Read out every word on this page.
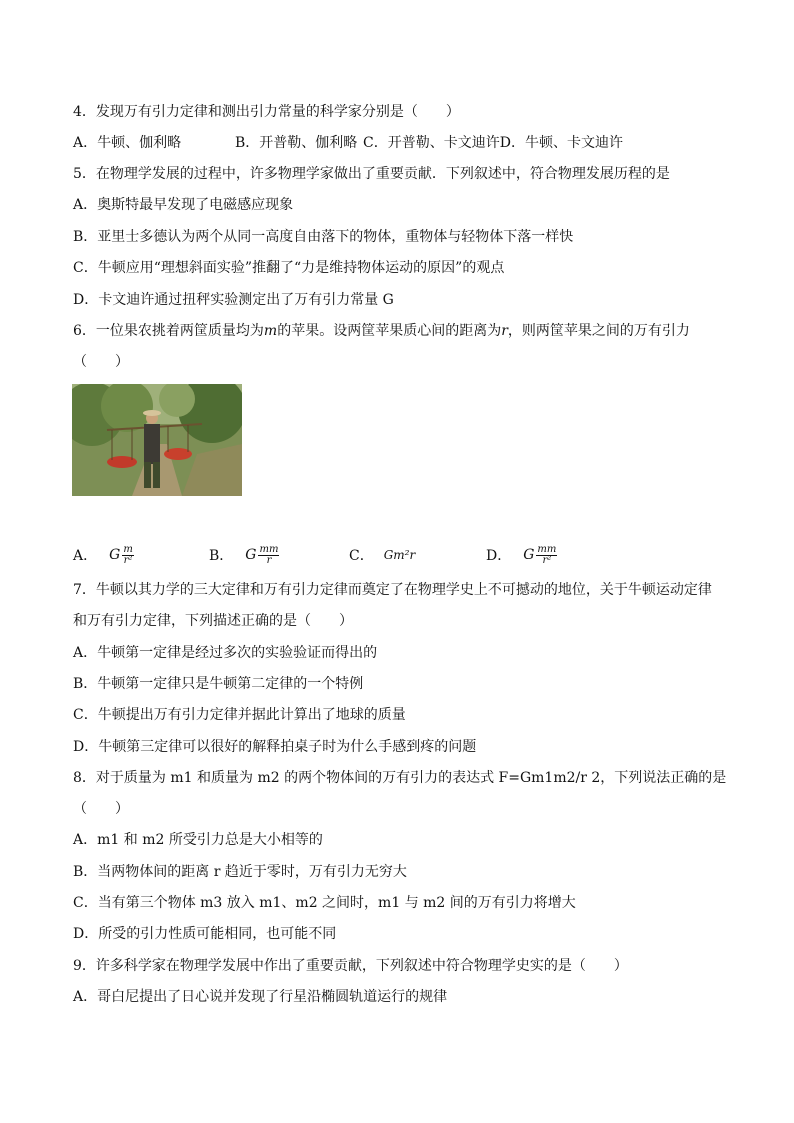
4．发现万有引力定律和测出引力常量的科学家分别是（　　）
A．牛顿、伽利略	B．开普勒、伽利略 C．开普勒、卡文迪许D．牛顿、卡文迪许
5．在物理学发展的过程中，许多物理学家做出了重要贡献．下列叙述中，符合物理发展历程的是
A．奥斯特最早发现了电磁感应现象
B．亚里士多德认为两个从同一高度自由落下的物体，重物体与轻物体下落一样快
C．牛顿应用“理想斜面实验”推翻了“力是维持物体运动的原因”的观点
D．卡文迪许通过扭秤实验测定出了万有引力常量 G
6．一位果农挑着两筐质量均为m的苹果。设两筐苹果质心间的距离为r，则两筐苹果之间的万有引力
（　　）
A． G $\frac{m}{\text{r²}}$	B． G $\frac{mm}{r}$	C． Gm²r	D． G $\frac{mm}{\text{r²}}$
7．牛顿以其力学的三大定律和万有引力定律而奠定了在物理学史上不可撼动的地位，关于牛顿运动定律
和万有引力定律，下列描述正确的是（　　）
A．牛顿第一定律是经过多次的实验验证而得出的
B．牛顿第一定律只是牛顿第二定律的一个特例
C．牛顿提出万有引力定律并据此计算出了地球的质量
D．牛顿第三定律可以很好的解释拍桌子时为什么手感到疼的问题
8．对于质量为 m1 和质量为 m2 的两个物体间的万有引力的表达式 F=Gm1m2/r 2，下列说法正确的是
（　　）
A．m1 和 m2 所受引力总是大小相等的
B．当两物体间的距离 r 趋近于零时，万有引力无穷大
C．当有第三个物体 m3 放入 m1、m2 之间时，m1 与 m2 间的万有引力将增大
D．所受的引力性质可能相同，也可能不同
9．许多科学家在物理学发展中作出了重要贡献，下列叙述中符合物理学史实的是（　　）
A．哥白尼提出了日心说并发现了行星沿椭圆轨道运行的规律
